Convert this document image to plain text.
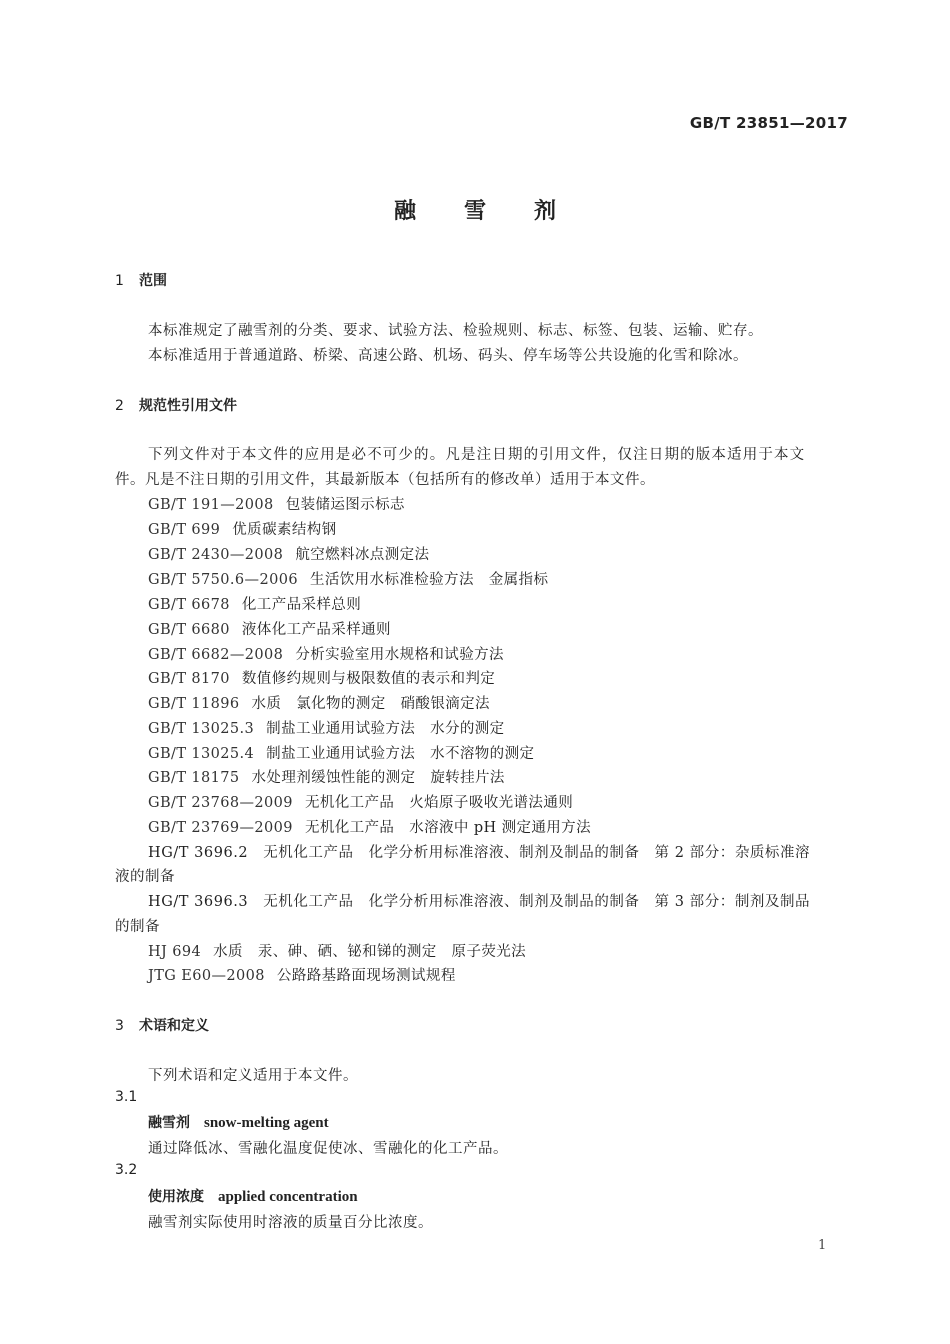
GB/T 23851—2017
融雪剂
1 范围
本标准规定了融雪剂的分类、要求、试验方法、检验规则、标志、标签、包装、运输、贮存。
本标准适用于普通道路、桥梁、高速公路、机场、码头、停车场等公共设施的化雪和除冰。
2 规范性引用文件
下列文件对于本文件的应用是必不可少的。凡是注日期的引用文件，仅注日期的版本适用于本文
件。凡是不注日期的引用文件，其最新版本（包括所有的修改单）适用于本文件。
GB/T 191—2008 包装储运图示标志
GB/T 699 优质碳素结构钢
GB/T 2430—2008 航空燃料冰点测定法
GB/T 5750.6—2006 生活饮用水标准检验方法　金属指标
GB/T 6678 化工产品采样总则
GB/T 6680 液体化工产品采样通则
GB/T 6682—2008 分析实验室用水规格和试验方法
GB/T 8170 数值修约规则与极限数值的表示和判定
GB/T 11896 水质　氯化物的测定　硝酸银滴定法
GB/T 13025.3 制盐工业通用试验方法　水分的测定
GB/T 13025.4 制盐工业通用试验方法　水不溶物的测定
GB/T 18175 水处理剂缓蚀性能的测定　旋转挂片法
GB/T 23768—2009 无机化工产品　火焰原子吸收光谱法通则
GB/T 23769—2009 无机化工产品　水溶液中 pH 测定通用方法
HG/T 3696.2　无机化工产品　化学分析用标准溶液、制剂及制品的制备　第 2 部分：杂质标准溶
液的制备
HG/T 3696.3　无机化工产品　化学分析用标准溶液、制剂及制品的制备　第 3 部分：制剂及制品
的制备
HJ 694 水质　汞、砷、硒、铋和锑的测定　原子荧光法
JTG E60—2008 公路路基路面现场测试规程
3 术语和定义
下列术语和定义适用于本文件。
3.1
融雪剂 snow-melting agent
通过降低冰、雪融化温度促使冰、雪融化的化工产品。
3.2
使用浓度 applied concentration
融雪剂实际使用时溶液的质量百分比浓度。
1
